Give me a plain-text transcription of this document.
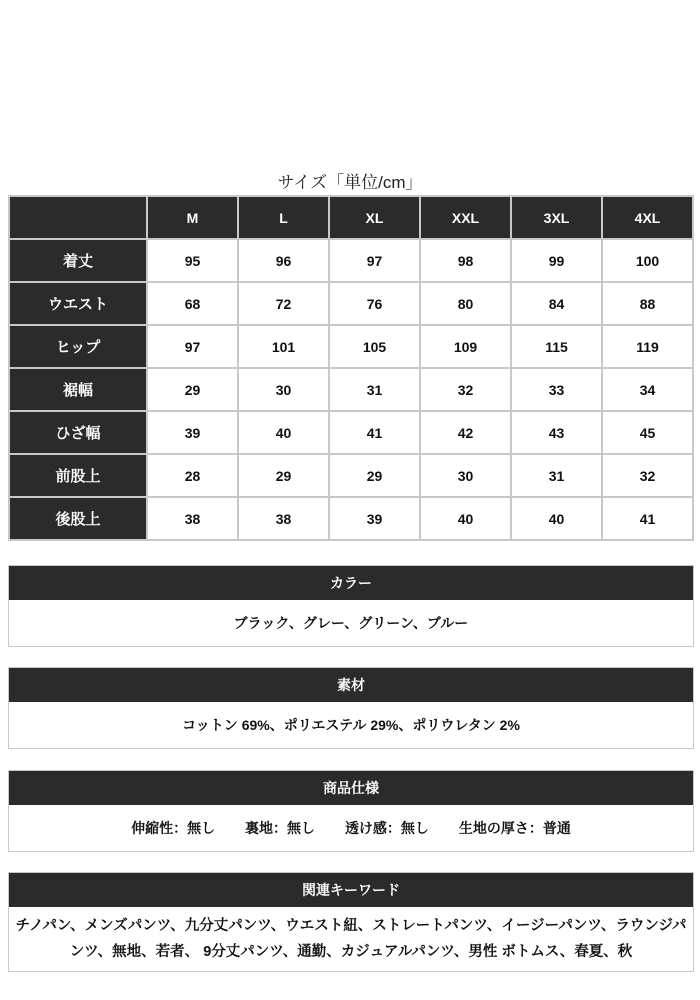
サイズ「単位/cm」
	M	L	XL	XXL	3XL	4XL
着丈	95	96	97	98	99	100
ウエスト	68	72	76	80	84	88
ヒップ	97	101	105	109	115	119
裾幅	29	30	31	32	33	34
ひざ幅	39	40	41	42	43	45
前股上	28	29	29	30	31	32
後股上	38	38	39	40	40	41
カラー
ブラック、グレー、グリーン、ブルー
素材
コットン 69%、ポリエステル 29%、ポリウレタン 2%
商品仕様
伸縮性：無し 裏地：無し 透け感：無し 生地の厚さ：普通
関連キーワード
チノパン、メンズパンツ、九分丈パンツ、ウエスト紐、ストレートパンツ、イージーパンツ、ラウンジパンツ、無地、若者、 9分丈パンツ、通勤、カジュアルパンツ、男性 ボトムス、春夏、秋
